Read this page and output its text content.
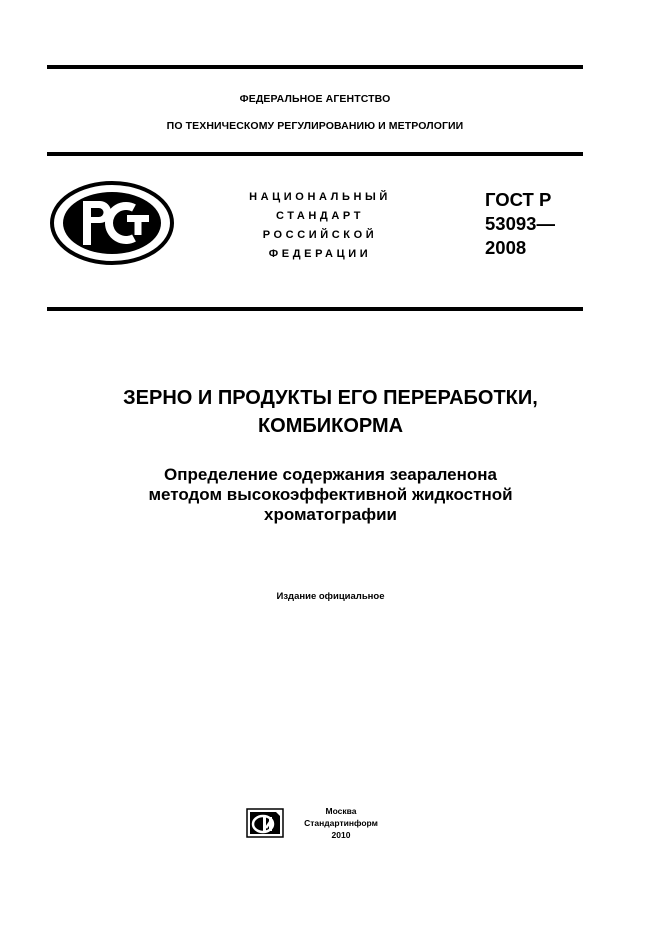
ФЕДЕРАЛЬНОЕ АГЕНТСТВО
ПО ТЕХНИЧЕСКОМУ РЕГУЛИРОВАНИЮ И МЕТРОЛОГИИ
НАЦИОНАЛЬНЫЙ
СТАНДАРТ
РОССИЙСКОЙ
ФЕДЕРАЦИИ
ГОСТ Р
53093—
2008
ЗЕРНО И ПРОДУКТЫ ЕГО ПЕРЕРАБОТКИ,
КОМБИКОРМА
Определение содержания зеараленона
методом высокоэффективной жидкостной
хроматографии
Издание официальное
Москва
Стандартинформ
2010
